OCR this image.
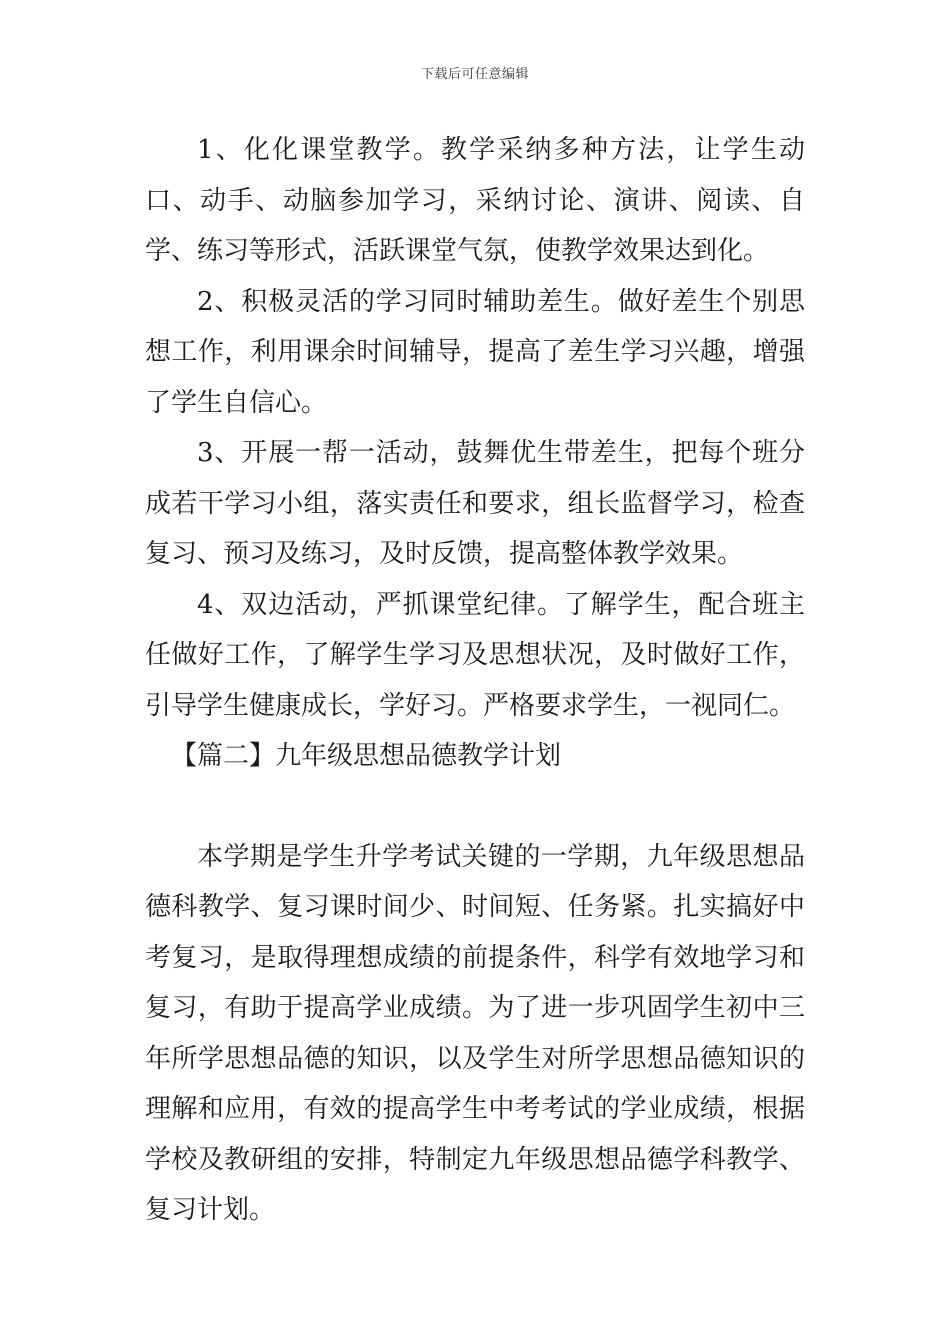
下载后可任意编辑

1、化化课堂教学。教学采纳多种方法，让学生动口、动手、动脑参加学习，采纳讨论、演讲、阅读、自学、练习等形式，活跃课堂气氛，使教学效果达到化。

2、积极灵活的学习同时辅助差生。做好差生个别思想工作，利用课余时间辅导，提高了差生学习兴趣，增强了学生自信心。

3、开展一帮一活动，鼓舞优生带差生，把每个班分成若干学习小组，落实责任和要求，组长监督学习，检查复习、预习及练习，及时反馈，提高整体教学效果。

4、双边活动，严抓课堂纪律。了解学生，配合班主任做好工作，了解学生学习及思想状况，及时做好工作，引导学生健康成长，学好习。严格要求学生，一视同仁。

【篇二】九年级思想品德教学计划

本学期是学生升学考试关键的一学期，九年级思想品德科教学、复习课时间少、时间短、任务紧。扎实搞好中考复习，是取得理想成绩的前提条件，科学有效地学习和复习，有助于提高学业成绩。为了进一步巩固学生初中三年所学思想品德的知识，以及学生对所学思想品德知识的理解和应用，有效的提高学生中考考试的学业成绩，根据学校及教研组的安排，特制定九年级思想品德学科教学、复习计划。
